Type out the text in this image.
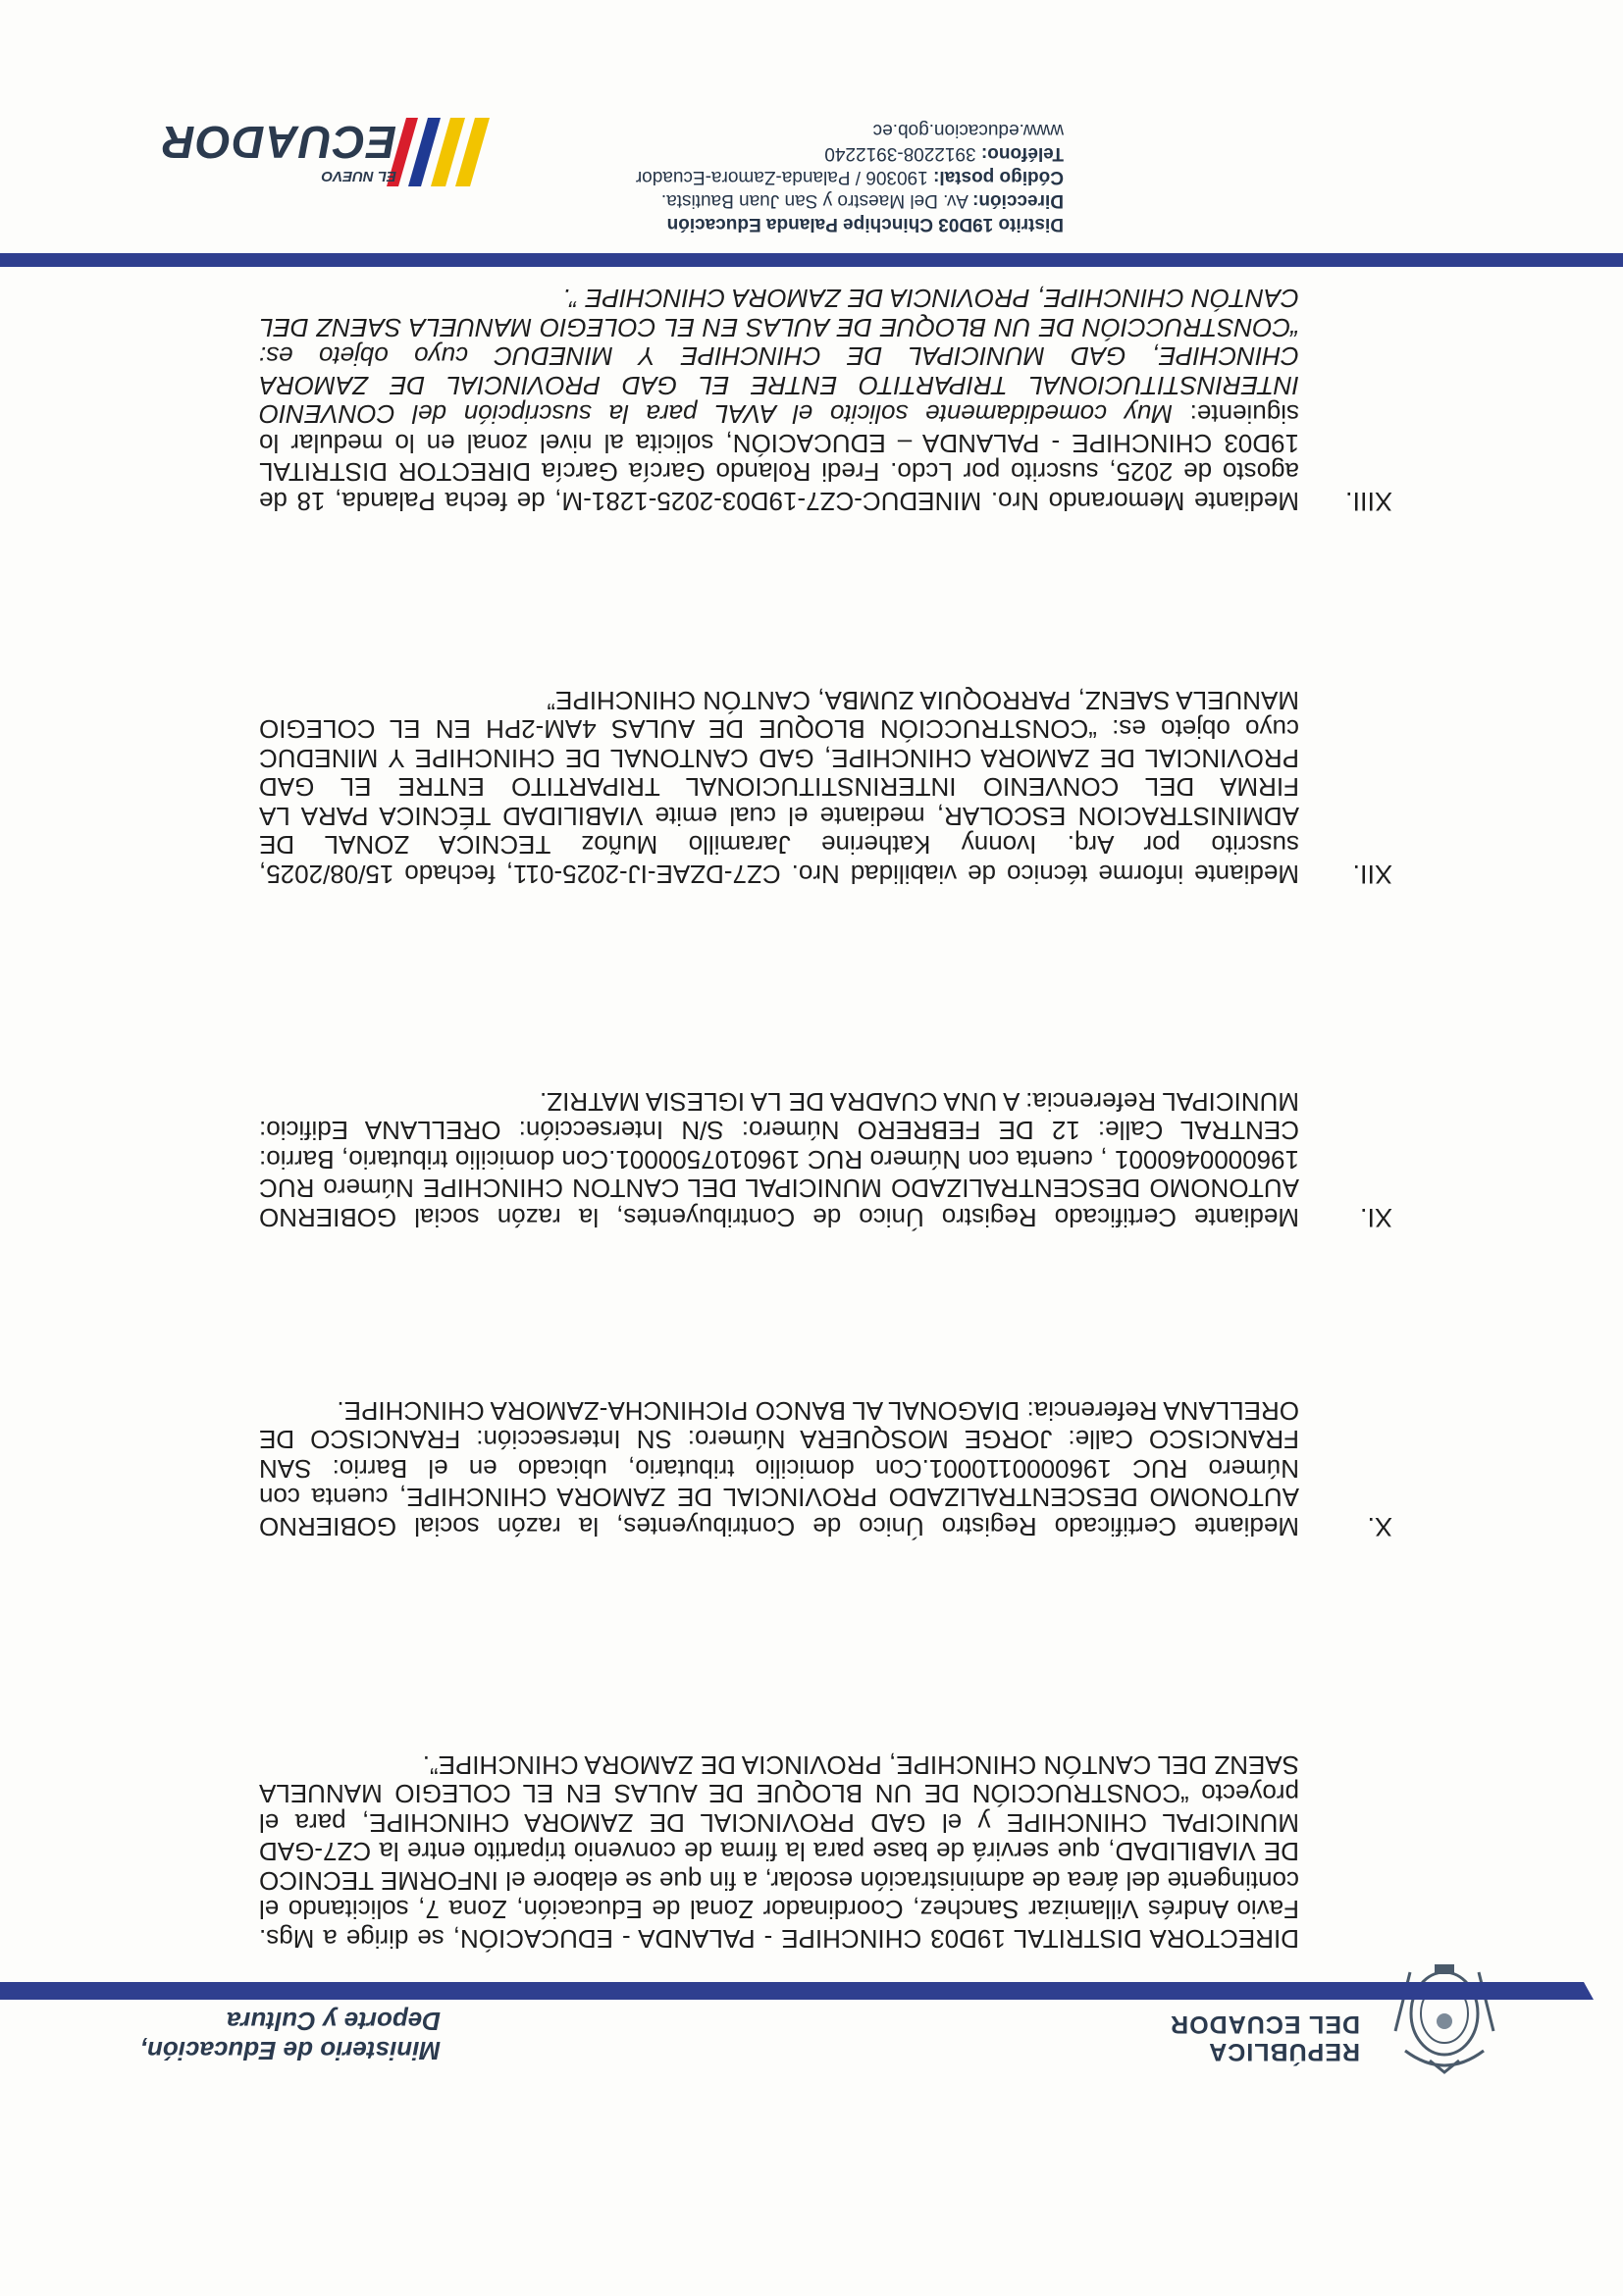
REPÚBLICA DEL ECUADOR
Ministerio de Educación, Deporte y Cultura
DIRECTORA DISTRITAL 19D03 CHINCHIPE - PALANDA - EDUCACIÓN, se dirige a Mgs. Favio Andrés Villamizar Sanchez, Coordinador Zonal de Educación, Zona 7, solicitando el contingente del área de administración escolar, a fin que se elabore el INFORME TECNICO DE VIABILIDAD, que servirá de base para la firma de convenio tripartito entre la CZ7-GAD MUNICIPAL CHINCHIPE y el GAD PROVINCIAL DE ZAMORA CHINCHIPE, para el proyecto “CONSTRUCCIÓN DE UN BLOQUE DE AULAS EN EL COLEGIO MANUELA SAENZ DEL CANTÓN CHINCHIPE, PROVINCIA DE ZAMORA CHINCHIPE”.
X.
Mediante Certificado Registro Único de Contribuyentes, la razón social GOBIERNO AUTONOMO DESCENTRALIZADO PROVINCIAL DE ZAMORA CHINCHIPE, cuenta con Número RUC 1960000110001.Con domicilio tributario, ubicado en el Barrio: SAN FRANCISCO Calle: JORGE MOSQUERA Número: SN Intersección: FRANCISCO DE ORELLANA Referencia: DIAGONAL AL BANCO PICHINCHA-ZAMORA CHINCHIPE.
XI.
Mediante Certificado Registro Único de Contribuyentes, la razón social GOBIERNO AUTONOMO DESCENTRALIZADO MUNICIPAL DEL CANTON CHINCHIPE Número RUC 1960000460001 , cuenta con Número RUC 1960107500001.Con domicilio tributario, Barrio: CENTRAL Calle: 12 DE FEBRERO Número: S/N Intersección: ORELLANA Edificio: MUNICIPAL Referencia: A UNA CUADRA DE LA IGLESIA MATRIZ.
XII.
Mediante informe técnico de viabilidad Nro. CZ7-DZAE-IJ-2025-011, fechado 15/08/2025, suscrito por Arq. Ivonny Katherine Jaramillo Muñoz TECNICA ZONAL DE ADMINISTRACION ESCOLAR, mediante el cual emite VIABILIDAD TÉCNICA PARA LA FIRMA DEL CONVENIO INTERINSTITUCIONAL TRIPARTITO ENTRE EL GAD PROVINCIAL DE ZAMORA CHINCHIPE, GAD CANTONAL DE CHINCHIPE Y MINEDUC cuyo objeto es: “CONSTRUCCIÓN BLOQUE DE AULAS 4AM-2PH EN EL COLEGIO MANUELA SAENZ, PARROQUIA ZUMBA, CANTÓN CHINCHIPE”
XIII.
Mediante Memorando Nro. MINEDUC-CZ7-19D03-2025-1281-M, de fecha Palanda, 18 de agosto de 2025, suscrito por Lcdo. Fredi Rolando García García DIRECTOR DISTRITAL 19D03 CHINCHIPE - PALANDA – EDUCACIÓN, solicita al nivel zonal en lo medular lo siguiente: Muy comedidamente solicito el AVAL para la suscripción del CONVENIO INTERINSTITUCIONAL TRIPARTITO ENTRE EL GAD PROVINCIAL DE ZAMORA CHINCHIPE, GAD MUNICIPAL DE CHINCHIPE Y MINEDUC cuyo objeto es: “CONSTRUCCIÓN DE UN BLOQUE DE AULAS EN EL COLEGIO MANUELA SAENZ DEL CANTÓN CHINCHIPE, PROVINCIA DE ZAMORA CHINCHIPE ”.
Distrito 19D03 Chinchipe Palanda Educación
Dirección: Av. Del Maestro y San Juan Bautista.
Código postal: 190306 / Palanda-Zamora-Ecuador
Teléfono: 3912208-3912240
www.educacion.gob.ec
EL NUEVO
ECUADOR
